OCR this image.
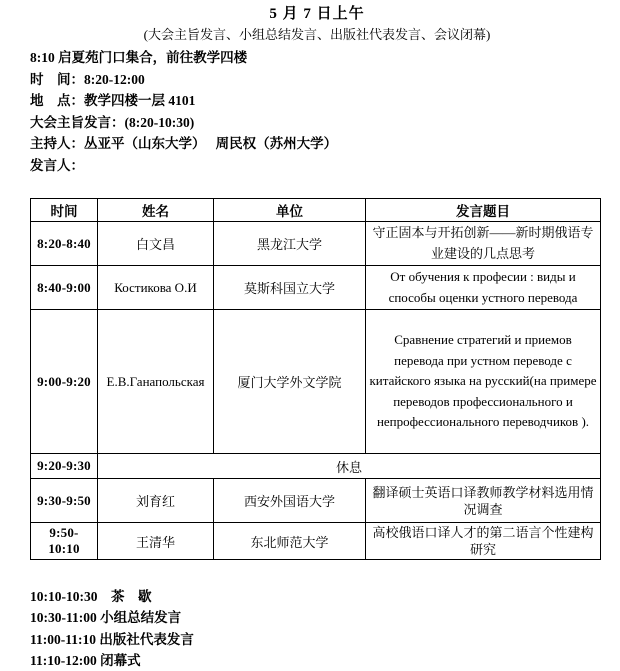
5 月 7 日上午
(大会主旨发言、小组总结发言、出版社代表发言、会议闭幕)
8:10 启夏苑门口集合，前往教学四楼
时　间：8:20-12:00
地　点：教学四楼一层 4101
大会主旨发言：(8:20-10:30)
主持人：丛亚平（山东大学）　 周民权（苏州大学）
发言人：
时间	姓名	单位	发言题目
8:20-8:40	白文昌	黑龙江大学	守正固本与开拓创新——新时期俄语专业建设的几点思考
8:40-9:00	Костикова О.И	莫斯科国立大学	От обучения к професии : виды и способы оценки устного перевода
9:00-9:20	Е.В.Ганапольская	厦门大学外文学院	Сравнение стратегий и приемов перевода при устном переводе с китайского языка на русский(на примере переводов профессионального и непрофессионального переводчиков ).
9:20-9:30	休息		
9:30-9:50	刘育红	西安外国语大学	翻译硕士英语口译教师教学材料选用情况调查
9:50-10:10	王清华	东北师范大学	高校俄语口译人才的第二语言个性建构研究
10:10-10:30　茶　歇
10:30-11:00 小组总结发言
11:00-11:10 出版社代表发言
11:10-12:00 闭幕式
